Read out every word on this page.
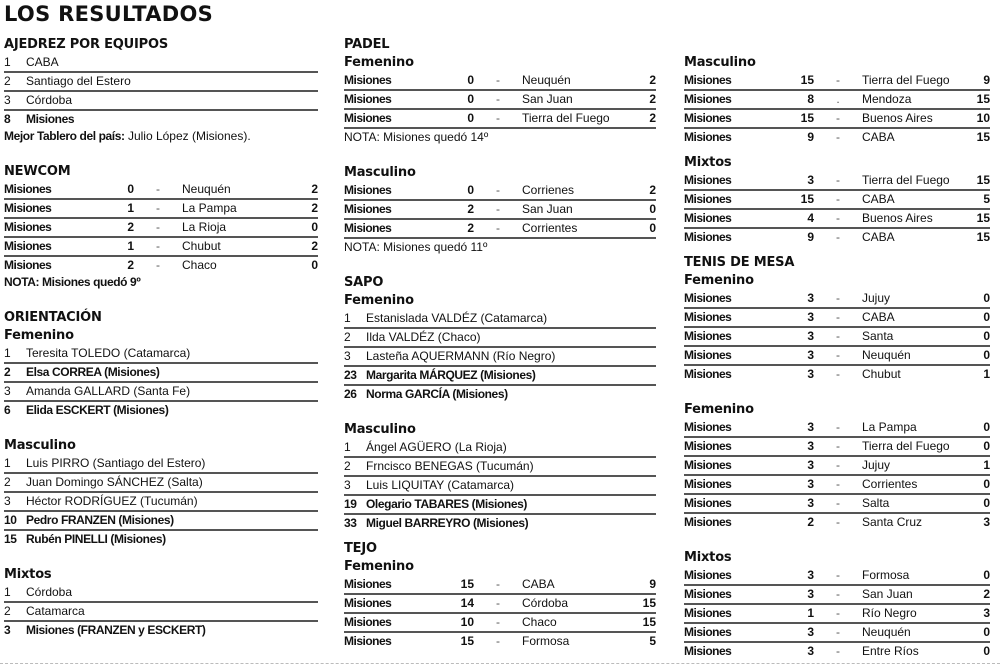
LOS RESULTADOS
AJEDREZ POR EQUIPOS
1	CABA
2	Santiago del Estero
3	Córdoba
8	Misiones
Mejor Tablero del país: Julio López (Misiones).
NEWCOM
Misiones	0	-	Neuquén	2
Misiones	1	-	La Pampa	2
Misiones	2	-	La Rioja	0
Misiones	1	-	Chubut	2
Misiones	2	-	Chaco	0
NOTA: Misiones quedó 9º
ORIENTACIÓN
Femenino
1	Teresita TOLEDO (Catamarca)
2	Elsa CORREA (Misiones)
3	Amanda GALLARD (Santa Fe)
6	Elida ESCKERT (Misiones)
Masculino
1	Luis PIRRO (Santiago del Estero)
2	Juan Domingo SÁNCHEZ (Salta)
3	Héctor RODRÍGUEZ (Tucumán)
10 Pedro FRANZEN (Misiones)
15 Rubén PINELLI (Misiones)
Mixtos
1	Córdoba
2	Catamarca
3	Misiones (FRANZEN y ESCKERT)
PADEL
Femenino
Misiones	0	-	Neuquén	2
Misiones	0	-	San Juan	2
Misiones	0	-	Tierra del Fuego	2
NOTA: Misiones quedó 14º
Masculino
Misiones	0	-	Corrienes	2
Misiones	2	-	San Juan	0
Misiones	2	-	Corrientes	0
NOTA: Misiones quedó 11º
SAPO
Femenino
1	Estanislada VALDÉZ (Catamarca)
2	Ilda VALDÉZ (Chaco)
3	Lasteña AQUERMANN (Río Negro)
23 Margarita MÁRQUEZ (Misiones)
26 Norma GARCÍA (Misiones)
Masculino
1	Ángel AGÜERO (La Rioja)
2	Frncisco BENEGAS (Tucumán)
3	Luis LIQUITAY (Catamarca)
19 Olegario TABARES (Misiones)
33 Miguel BARREYRO (Misiones)
TEJO
Femenino
Misiones	15	-	CABA	9
Misiones	14	-	Córdoba	15
Misiones	10	-	Chaco	15
Misiones	15	-	Formosa	5
Masculino
Misiones	15	-	Tierra del Fuego	9
Misiones	8	.	Mendoza	15
Misiones	15	-	Buenos Aires	10
Misiones	9	-	CABA	15
Mixtos
Misiones	3	-	Tierra del Fuego	15
Misiones	15	-	CABA	5
Misiones	4	-	Buenos Aires	15
Misiones	9	-	CABA	15
TENIS DE MESA
Femenino
Misiones	3	-	Jujuy	0
Misiones	3	-	CABA	0
Misiones	3	-	Santa	0
Misiones	3	-	Neuquén	0
Misiones	3	-	Chubut	1
Femenino
Misiones	3	-	La Pampa	0
Misiones	3	-	Tierra del Fuego	0
Misiones	3	-	Jujuy	1
Misiones	3	-	Corrientes	0
Misiones	3	-	Salta	0
Misiones	2	-	Santa Cruz	3
Mixtos
Misiones	3	-	Formosa	0
Misiones	3	-	San Juan	2
Misiones	1	-	Río Negro	3
Misiones	3	-	Neuquén	0
Misiones	3	-	Entre Ríos	0
